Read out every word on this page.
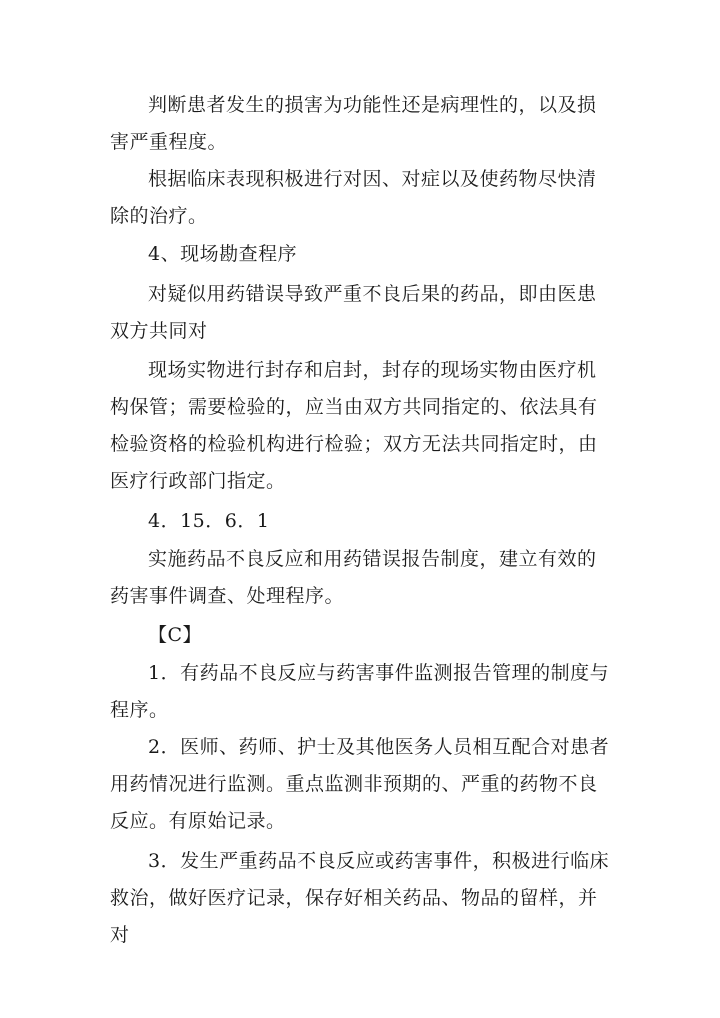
判断患者发生的损害为功能性还是病理性的，以及损害严重程度。

根据临床表现积极进行对因、对症以及使药物尽快清除的治疗。

4、现场勘查程序

对疑似用药错误导致严重不良后果的药品，即由医患双方共同对

现场实物进行封存和启封，封存的现场实物由医疗机构保管；需要检验的，应当由双方共同指定的、依法具有检验资格的检验机构进行检验；双方无法共同指定时，由医疗行政部门指定。

4．15．6．1

实施药品不良反应和用药错误报告制度，建立有效的药害事件调查、处理程序。

【C】

1．有药品不良反应与药害事件监测报告管理的制度与程序。

2．医师、药师、护士及其他医务人员相互配合对患者用药情况进行监测。重点监测非预期的、严重的药物不良反应。有原始记录。

3．发生严重药品不良反应或药害事件，积极进行临床救治，做好医疗记录，保存好相关药品、物品的留样，并对
